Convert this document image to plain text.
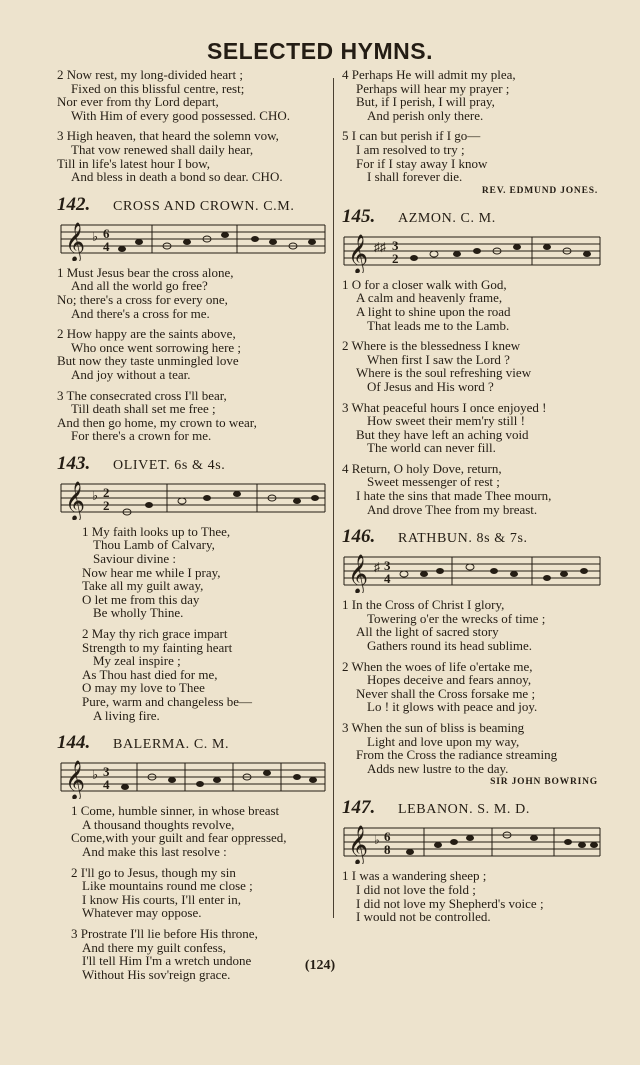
SELECTED HYMNS.
2 Now rest, my long-divided heart ;
Fixed on this blissful centre, rest;
Nor ever from thy Lord depart,
With Him of every good possessed. CHO.
3 High heaven, that heard the solemn vow,
That vow renewed shall daily hear,
Till in life's latest hour I bow,
And bless in death a bond so dear. CHO.
142.	CROSS AND CROWN. C.M.
𝄞 ♭ 6
4
1 Must Jesus bear the cross alone,
And all the world go free?
No; there's a cross for every one,
And there's a cross for me.
2 How happy are the saints above,
Who once went sorrowing here ;
But now they taste unmingled love
And joy without a tear.
3 The consecrated cross I'll bear,
Till death shall set me free ;
And then go home, my crown to wear,
For there's a crown for me.
143.	OLIVET. 6s & 4s.
𝄞 ♭ 2
2
1 My faith looks up to Thee,
Thou Lamb of Calvary,
Saviour divine :
Now hear me while I pray,
Take all my guilt away,
O let me from this day
Be wholly Thine.
2 May thy rich grace impart
Strength to my fainting heart
My zeal inspire ;
As Thou hast died for me,
O may my love to Thee
Pure, warm and changeless be—
A living fire.
144.	BALERMA. C. M.
𝄞 ♭ 3
4
1 Come, humble sinner, in whose breast
A thousand thoughts revolve,
Come,with your guilt and fear oppressed,
And make this last resolve :
2 I'll go to Jesus, though my sin
Like mountains round me close ;
I know His courts, I'll enter in,
Whatever may oppose.
3 Prostrate I'll lie before His throne,
And there my guilt confess,
I'll tell Him I'm a wretch undone
Without His sov'reign grace.
4 Perhaps He will admit my plea,
Perhaps will hear my prayer ;
But, if I perish, I will pray,
And perish only there.
5 I can but perish if I go—
I am resolved to try ;
For if I stay away I know
I shall forever die.
REV. EDMUND JONES.
145.	AZMON. C. M.
𝄞 ♯♯ 3
2
1 O for a closer walk with God,
A calm and heavenly frame,
A light to shine upon the road
That leads me to the Lamb.
2 Where is the blessedness I knew
When first I saw the Lord ?
Where is the soul refreshing view
Of Jesus and His word ?
3 What peaceful hours I once enjoyed !
How sweet their mem'ry still !
But they have left an aching void
The world can never fill.
4 Return, O holy Dove, return,
Sweet messenger of rest ;
I hate the sins that made Thee mourn,
And drove Thee from my breast.
146.	RATHBUN. 8s & 7s.
𝄞 ♯ 3
4
1 In the Cross of Christ I glory,
Towering o'er the wrecks of time ;
All the light of sacred story
Gathers round its head sublime.
2 When the woes of life o'ertake me,
Hopes deceive and fears annoy,
Never shall the Cross forsake me ;
Lo ! it glows with peace and joy.
3 When the sun of bliss is beaming
Light and love upon my way,
From the Cross the radiance streaming
Adds new lustre to the day.
SIR JOHN BOWRING
147.	LEBANON. S. M. D.
𝄞 ♭ 6
8
1 I was a wandering sheep ;
I did not love the fold ;
I did not love my Shepherd's voice ;
I would not be controlled.
(124)
